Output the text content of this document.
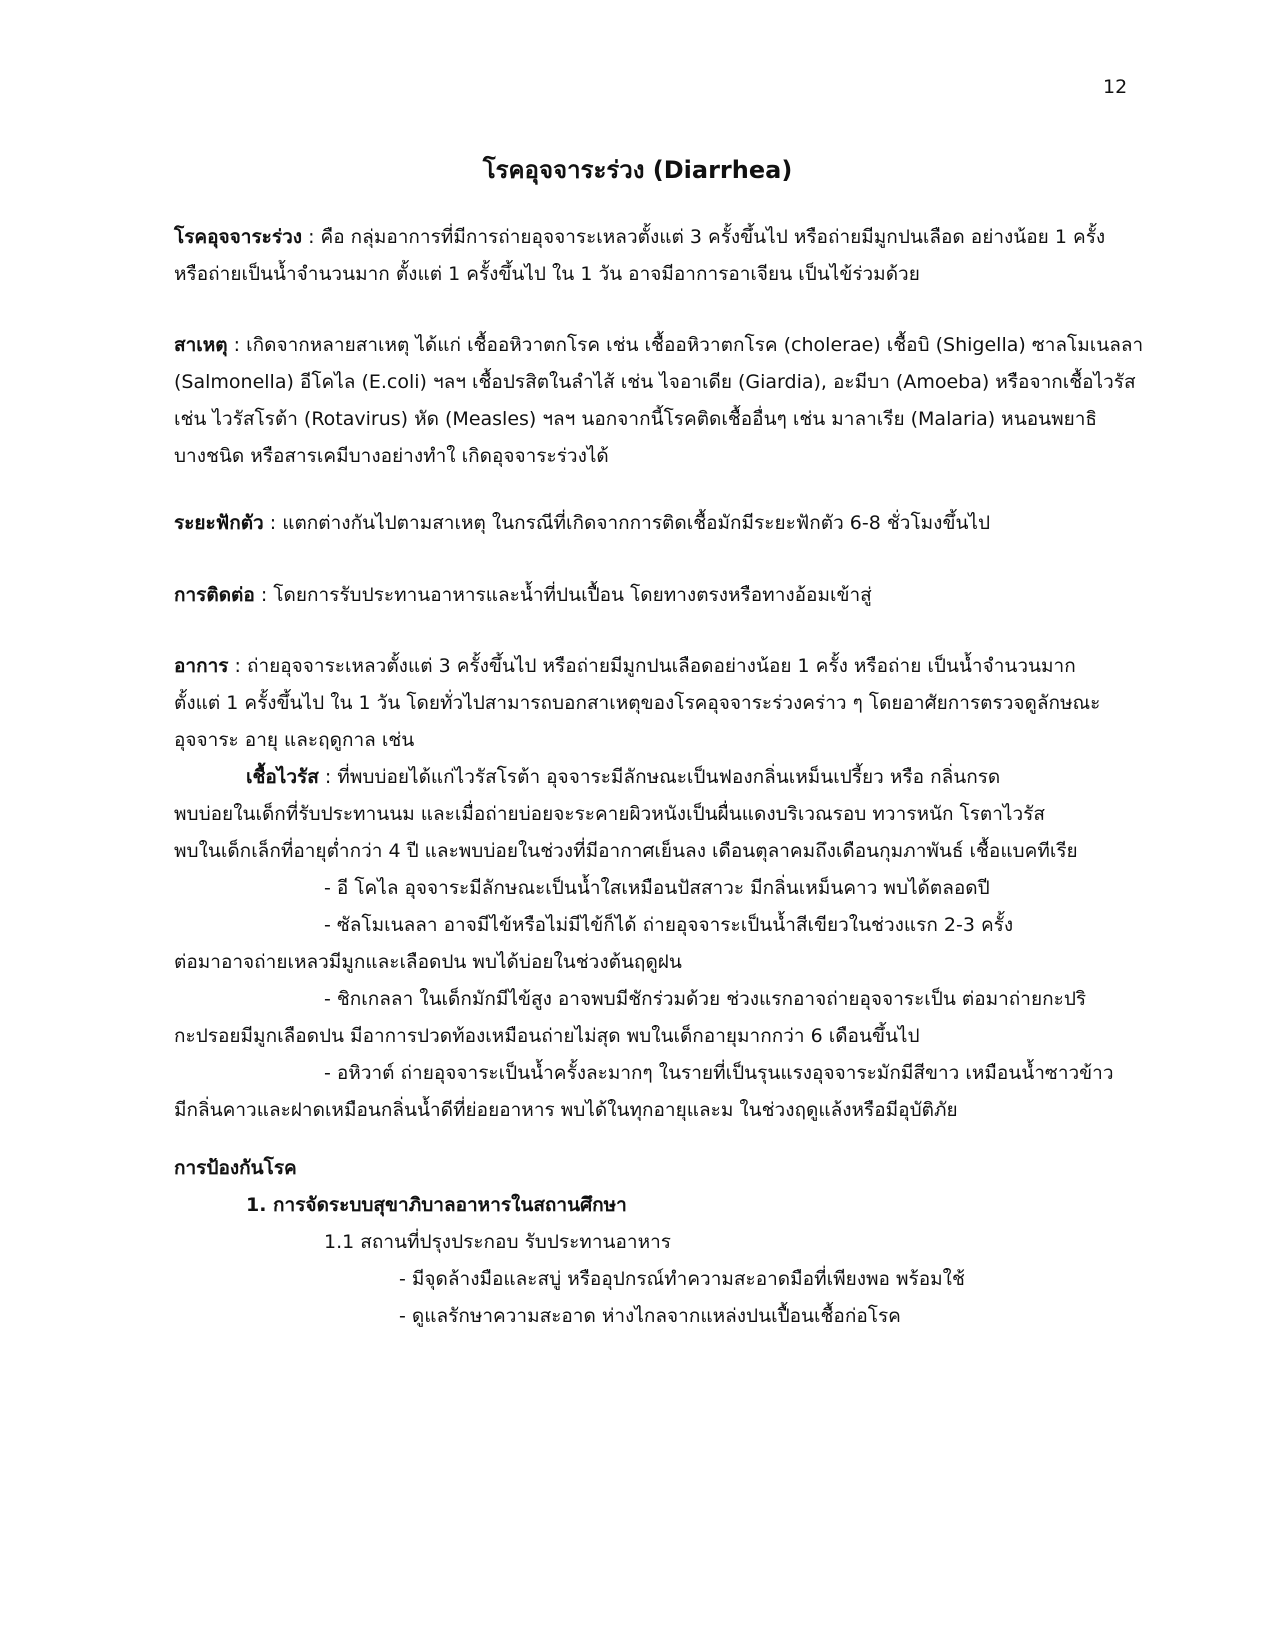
12
โรคอุจจาระร่วง (Diarrhea)
โรคอุจจาระร่วง : คือ กลุ่มอาการที่มีการถ่ายอุจจาระเหลวตั้งแต่ 3 ครั้งขึ้นไป หรือถ่ายมีมูกปนเลือด อย่างน้อย 1 ครั้ง
หรือถ่ายเป็นน้ำจำนวนมาก ตั้งแต่ 1 ครั้งขึ้นไป ใน 1 วัน อาจมีอาการอาเจียน เป็นไข้ร่วมด้วย
สาเหตุ : เกิดจากหลายสาเหตุ ได้แก่ เชื้ออหิวาตกโรค เช่น เชื้ออหิวาตกโรค (cholerae) เชื้อบิ (Shigella) ซาลโมเนลลา
(Salmonella) อีโคไล (E.coli) ฯลฯ เชื้อปรสิตในลำไส้ เช่น ไจอาเดีย (Giardia), อะมีบา (Amoeba) หรือจากเชื้อไวรัส
เช่น ไวรัสโรต้า (Rotavirus) หัด (Measles) ฯลฯ นอกจากนี้โรคติดเชื้ออื่นๆ เช่น มาลาเรีย (Malaria) หนอนพยาธิ
บางชนิด หรือสารเคมีบางอย่างทำใ เกิดอุจจาระร่วงได้
ระยะฟักตัว : แตกต่างกันไปตามสาเหตุ ในกรณีที่เกิดจากการติดเชื้อมักมีระยะฟักตัว 6-8 ชั่วโมงขึ้นไป
การติดต่อ : โดยการรับประทานอาหารและน้ำที่ปนเปื้อน โดยทางตรงหรือทางอ้อมเข้าสู่
อาการ : ถ่ายอุจจาระเหลวตั้งแต่ 3 ครั้งขึ้นไป หรือถ่ายมีมูกปนเลือดอย่างน้อย 1 ครั้ง หรือถ่าย เป็นน้ำจำนวนมาก
ตั้งแต่ 1 ครั้งขึ้นไป ใน 1 วัน โดยทั่วไปสามารถบอกสาเหตุของโรคอุจจาระร่วงคร่าว ๆ โดยอาศัยการตรวจดูลักษณะ
อุจจาระ อายุ และฤดูกาล เช่น
เชื้อไวรัส : ที่พบบ่อยได้แก่ไวรัสโรต้า อุจจาระมีลักษณะเป็นฟองกลิ่นเหม็นเปรี้ยว หรือ กลิ่นกรด
พบบ่อยในเด็กที่รับประทานนม และเมื่อถ่ายบ่อยจะระคายผิวหนังเป็นผื่นแดงบริเวณรอบ ทวารหนัก โรตาไวรัส
พบในเด็กเล็กที่อายุต่ำกว่า 4 ปี และพบบ่อยในช่วงที่มีอากาศเย็นลง เดือนตุลาคมถึงเดือนกุมภาพันธ์ เชื้อแบคทีเรีย
- อี โคไล อุจจาระมีลักษณะเป็นน้ำใสเหมือนปัสสาวะ มีกลิ่นเหม็นคาว พบได้ตลอดปี
- ซัลโมเนลลา อาจมีไข้หรือไม่มีไข้ก็ได้ ถ่ายอุจจาระเป็นน้ำสีเขียวในช่วงแรก 2-3 ครั้ง
ต่อมาอาจถ่ายเหลวมีมูกและเลือดปน พบได้บ่อยในช่วงต้นฤดูฝน
- ชิกเกลลา ในเด็กมักมีไข้สูง อาจพบมีชักร่วมด้วย ช่วงแรกอาจถ่ายอุจจาระเป็น ต่อมาถ่ายกะปริ
กะปรอยมีมูกเลือดปน มีอาการปวดท้องเหมือนถ่ายไม่สุด พบในเด็กอายุมากกว่า 6 เดือนขึ้นไป
- อหิวาต์ ถ่ายอุจจาระเป็นน้ำครั้งละมากๆ ในรายที่เป็นรุนแรงอุจจาระมักมีสีขาว เหมือนน้ำซาวข้าว
มีกลิ่นคาวและฝาดเหมือนกลิ่นน้ำดีที่ย่อยอาหาร พบได้ในทุกอายุและม ในช่วงฤดูแล้งหรือมีอุบัติภัย
การป้องกันโรค
1. การจัดระบบสุขาภิบาลอาหารในสถานศึกษา
1.1 สถานที่ปรุงประกอบ รับประทานอาหาร
- มีจุดล้างมือและสบู่ หรืออุปกรณ์ทำความสะอาดมือที่เพียงพอ พร้อมใช้
- ดูแลรักษาความสะอาด ห่างไกลจากแหล่งปนเปื้อนเชื้อก่อโรค
